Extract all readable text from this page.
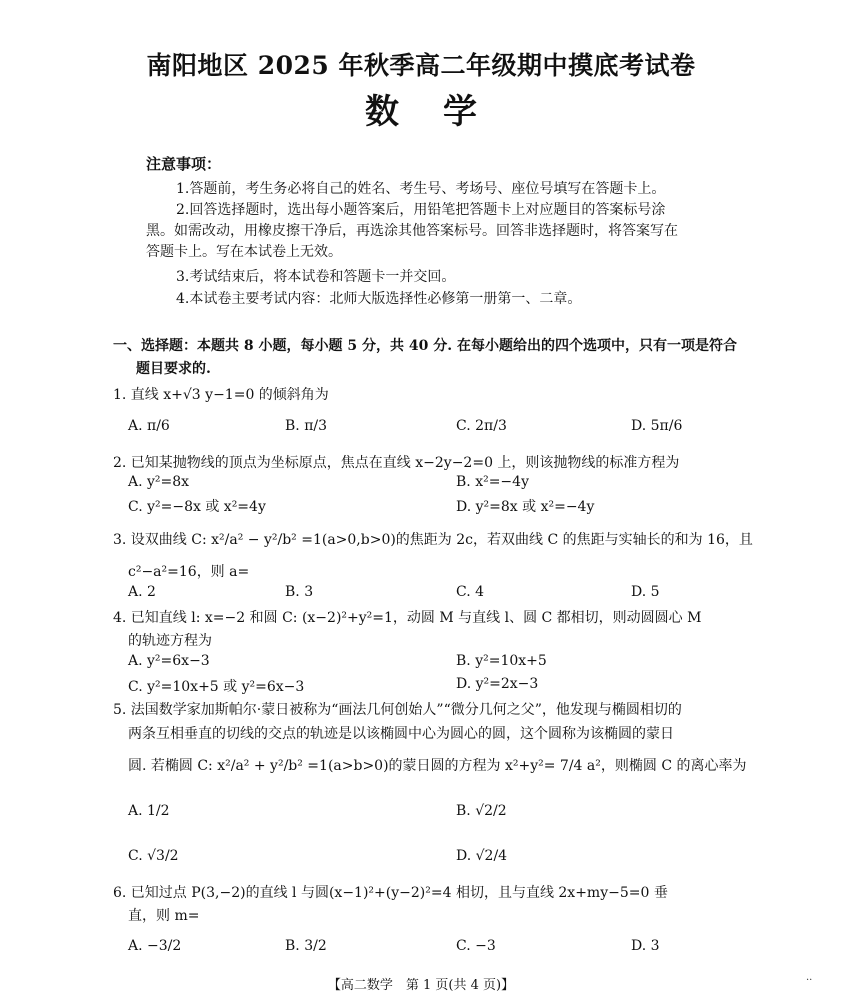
南阳地区 2025 年秋季高二年级期中摸底考试卷
数学
注意事项：
1.答题前，考生务必将自己的姓名、考生号、考场号、座位号填写在答题卡上。
2.回答选择题时，选出每小题答案后，用铅笔把答题卡上对应题目的答案标号涂
黑。如需改动，用橡皮擦干净后，再选涂其他答案标号。回答非选择题时，将答案写在
答题卡上。写在本试卷上无效。
3.考试结束后，将本试卷和答题卡一并交回。
4.本试卷主要考试内容：北师大版选择性必修第一册第一、二章。
一、选择题：本题共 8 小题，每小题 5 分，共 40 分. 在每小题给出的四个选项中，只有一项是符合
题目要求的.
1. 直线 x+√3 y−1=0 的倾斜角为
A. π/6	B. π/3	C. 2π/3	D. 5π/6
2. 已知某抛物线的顶点为坐标原点，焦点在直线 x−2y−2=0 上，则该抛物线的标准方程为
A. y²=8x	B. x²=−4y
C. y²=−8x 或 x²=4y	D. y²=8x 或 x²=−4y
3. 设双曲线 C: x²/a² − y²/b² =1(a>0,b>0)的焦距为 2c，若双曲线 C 的焦距与实轴长的和为 16，且
c²−a²=16，则 a=
A. 2	B. 3	C. 4	D. 5
4. 已知直线 l: x=−2 和圆 C: (x−2)²+y²=1，动圆 M 与直线 l、圆 C 都相切，则动圆圆心 M
的轨迹方程为
A. y²=6x−3	B. y²=10x+5
C. y²=10x+5 或 y²=6x−3	D. y²=2x−3
5. 法国数学家加斯帕尔·蒙日被称为“画法几何创始人”“微分几何之父”，他发现与椭圆相切的
两条互相垂直的切线的交点的轨迹是以该椭圆中心为圆心的圆，这个圆称为该椭圆的蒙日
圆. 若椭圆 C: x²/a² + y²/b² =1(a>b>0)的蒙日圆的方程为 x²+y²= 7/4 a²，则椭圆 C 的离心率为
A. 1/2	B. √2/2
C. √3/2	D. √2/4
6. 已知过点 P(3,−2)的直线 l 与圆(x−1)²+(y−2)²=4 相切，且与直线 2x+my−5=0 垂
直，则 m=
A. −3/2	B. 3/2	C. −3	D. 3
【高二数学　第 1 页(共 4 页)】
..
